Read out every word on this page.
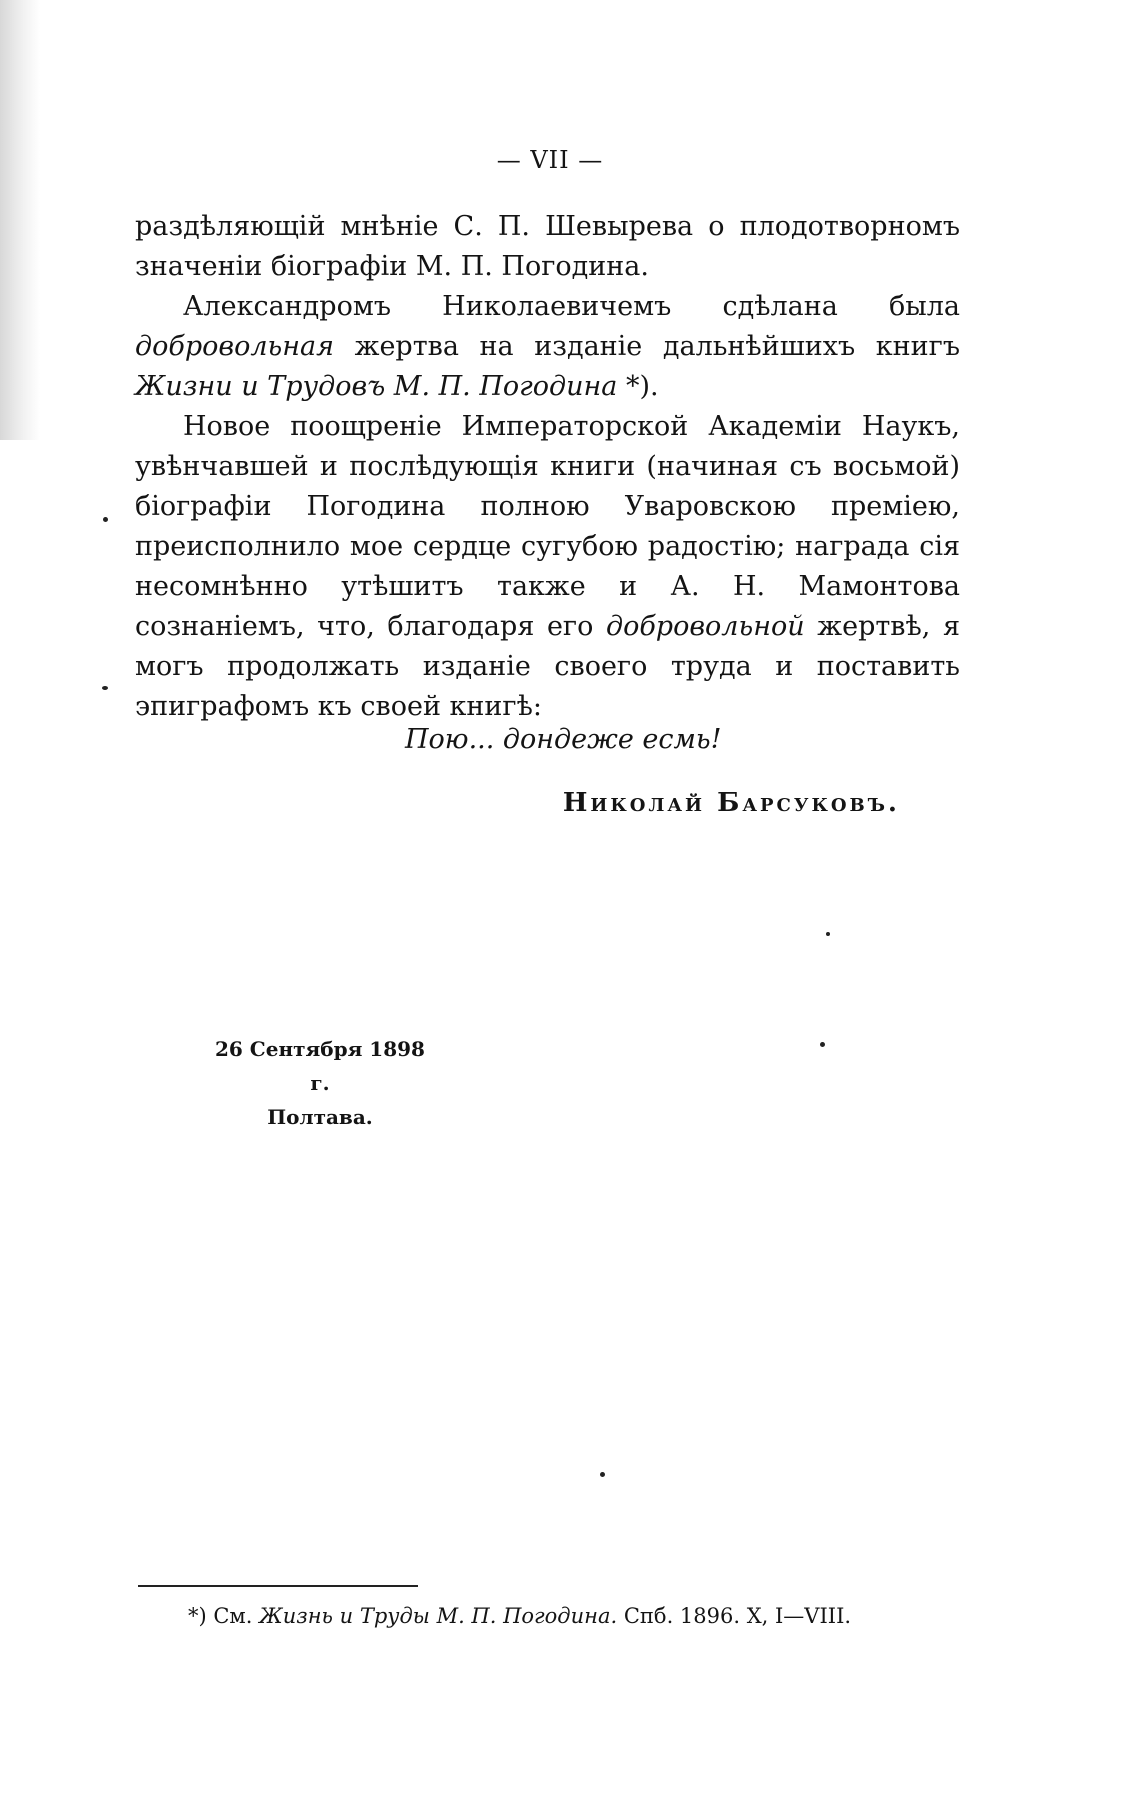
— VII —

раздѣляющій мнѣніе С. П. Шевырева о плодотворномъ значеніи біографіи М. П. Погодина.

Александромъ Николаевичемъ сдѣлана была добровольная жертва на изданіе дальнѣйшихъ книгъ Жизни и Трудовъ М. П. Погодина *).

Новое поощреніе Императорской Академіи Наукъ, увѣнчавшей и послѣдующія книги (начиная съ восьмой) біографіи Погодина полною Уваровскою преміею, преисполнило мое сердце сугубою радостію; награда сія несомнѣнно утѣшитъ также и А. Н. Мамонтова сознаніемъ, что, благодаря его добровольной жертвѣ, я могъ продолжать изданіе своего труда и поставить эпиграфомъ къ своей книгѣ:

Пою... дондеже есмь!
Николай Барсуковъ.
26 Сентября 1898 г.
Полтава.
*) См. Жизнь и Труды М. П. Погодина. Спб. 1896. X, I—VIII.
